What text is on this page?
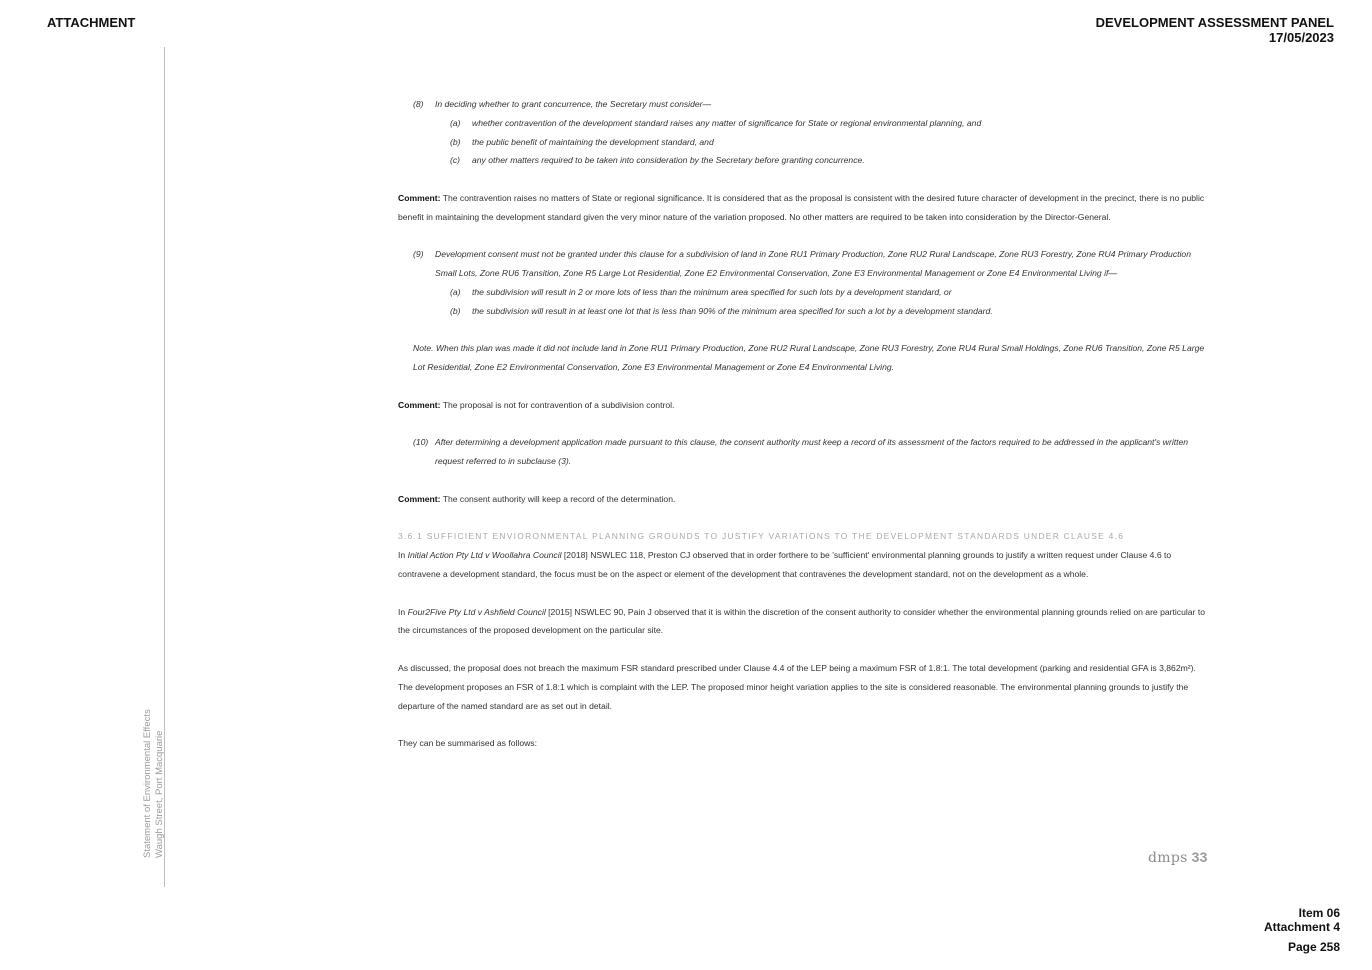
ATTACHMENT	DEVELOPMENT ASSESSMENT PANEL
17/05/2023
Statement of Environmental Effects Waugh Street, Port Macquarie
(8)	In deciding whether to grant concurrence, the Secretary must consider—
(a)	whether contravention of the development standard raises any matter of significance for State or regional environmental planning, and
(b)	the public benefit of maintaining the development standard, and
(c)	any other matters required to be taken into consideration by the Secretary before granting concurrence.
Comment: The contravention raises no matters of State or regional significance. It is considered that as the proposal is consistent with the desired future character of development in the precinct, there is no public benefit in maintaining the development standard given the very minor nature of the variation proposed. No other matters are required to be taken into consideration by the Director-General.
(9)	Development consent must not be granted under this clause for a subdivision of land in Zone RU1 Primary Production, Zone RU2 Rural Landscape, Zone RU3 Forestry, Zone RU4 Primary Production Small Lots, Zone RU6 Transition, Zone R5 Large Lot Residential, Zone E2 Environmental Conservation, Zone E3 Environmental Management or Zone E4 Environmental Living if—
(a)	the subdivision will result in 2 or more lots of less than the minimum area specified for such lots by a development standard, or
(b)	the subdivision will result in at least one lot that is less than 90% of the minimum area specified for such a lot by a development standard.
Note. When this plan was made it did not include land in Zone RU1 Primary Production, Zone RU2 Rural Landscape, Zone RU3 Forestry, Zone RU4 Rural Small Holdings, Zone RU6 Transition, Zone R5 Large Lot Residential, Zone E2 Environmental Conservation, Zone E3 Environmental Management or Zone E4 Environmental Living.
Comment: The proposal is not for contravention of a subdivision control.
(10) After determining a development application made pursuant to this clause, the consent authority must keep a record of its assessment of the factors required to be addressed in the applicant's written request referred to in subclause (3).
Comment: The consent authority will keep a record of the determination.
3.6.1 SUFFICIENT ENVIORONMENTAL PLANNING GROUNDS TO JUSTIFY VARIATIONS TO THE DEVELOPMENT STANDARDS UNDER CLAUSE 4.6
In Initial Action Pty Ltd v Woollahra Council [2018] NSWLEC 118, Preston CJ observed that in order forthere to be 'sufficient' environmental planning grounds to justify a written request under Clause 4.6 to contravene a development standard, the focus must be on the aspect or element of the development that contravenes the development standard, not on the development as a whole.
In Four2Five Pty Ltd v Ashfield Council [2015] NSWLEC 90, Pain J observed that it is within the discretion of the consent authority to consider whether the environmental planning grounds relied on are particular to the circumstances of the proposed development on the particular site.
As discussed, the proposal does not breach the maximum FSR standard prescribed under Clause 4.4 of the LEP being a maximum FSR of 1.8:1. The total development (parking and residential GFA is 3,862m²). The development proposes an FSR of 1.8:1 which is complaint with the LEP. The proposed minor height variation applies to the site is considered reasonable. The environmental planning grounds to justify the departure of the named standard are as set out in detail.
They can be summarised as follows:
dmps 33
Item 06
Attachment 4
Page 258
